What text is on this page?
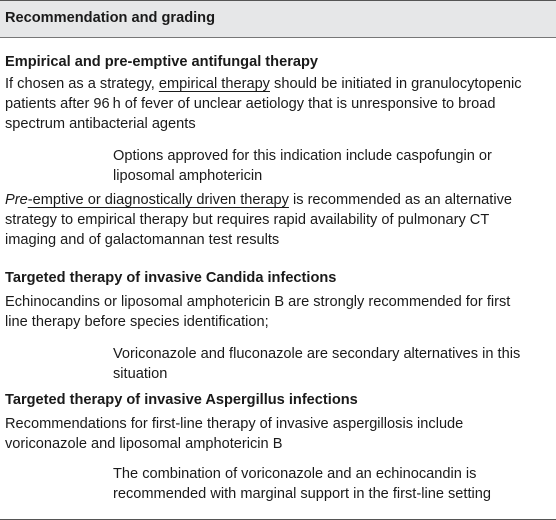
Recommendation and grading
Empirical and pre-emptive antifungal therapy

If chosen as a strategy, empirical therapy should be initiated in granulocytopenic patients after 96 h of fever of unclear aetiology that is unresponsive to broad spectrum antibacterial agents

Options approved for this indication include caspofungin or liposomal amphotericin

Pre-emptive or diagnostically driven therapy is recommended as an alternative strategy to empirical therapy but requires rapid availability of pulmonary CT imaging and of galactomannan test results

Targeted therapy of invasive Candida infections

Echinocandins or liposomal amphotericin B are strongly recommended for first line therapy before species identification;

Voriconazole and fluconazole are secondary alternatives in this situation

Targeted therapy of invasive Aspergillus infections

Recommendations for first-line therapy of invasive aspergillosis include voriconazole and liposomal amphotericin B

The combination of voriconazole and an echinocandin is recommended with marginal support in the first-line setting
